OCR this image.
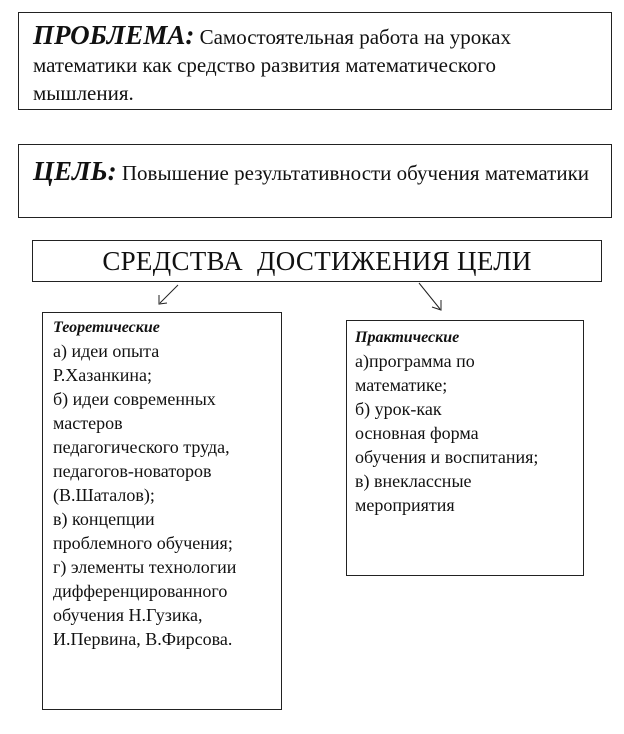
ПРОБЛЕМА: Самостоятельная работа на уроках математики как средство развития математического мышления.
ЦЕЛЬ: Повышение результативности обучения математики
СРЕДСТВА  ДОСТИЖЕНИЯ ЦЕЛИ
Теоретические
а) идеи опыта
Р.Хазанкина;
б) идеи современных
мастеров
педагогического труда,
педагогов-новаторов
(В.Шаталов);
в) концепции
проблемного обучения;
г) элементы технологии
дифференцированного
обучения Н.Гузика,
И.Первина, В.Фирсова.
Практические
а)программа по
математике;
б) урок-как
основная форма
обучения и воспитания;
в) внеклассные
мероприятия
